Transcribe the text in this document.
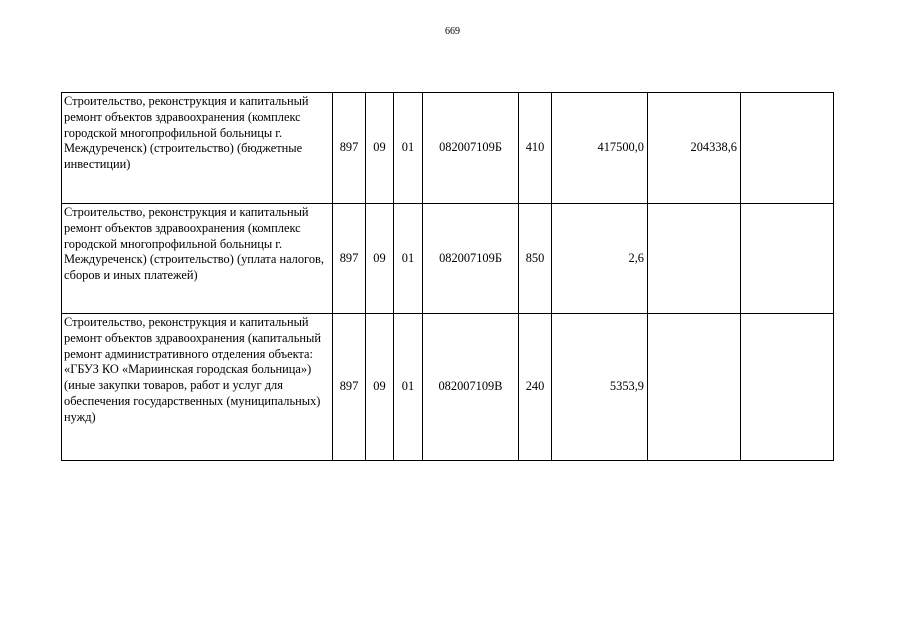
669
Строительство, реконструкция и капитальный ремонт объектов здравоохранения (комплекс городской многопрофильной больницы г. Междуреченск) (строительство) (бюджетные инвестиции)	897	09	01	082007109Б	410	417500,0	204338,6	
Строительство, реконструкция и капитальный ремонт объектов здравоохранения (комплекс городской многопрофильной больницы г. Междуреченск) (строительство) (уплата налогов, сборов и иных платежей)	897	09	01	082007109Б	850	2,6		
Строительство, реконструкция и капитальный ремонт объектов здравоохранения (капитальный ремонт административного отделения объекта: «ГБУЗ КО «Мариинская городская больница») (иные закупки товаров, работ и услуг для обеспечения государственных (муниципальных) нужд)	897	09	01	082007109В	240	5353,9		
